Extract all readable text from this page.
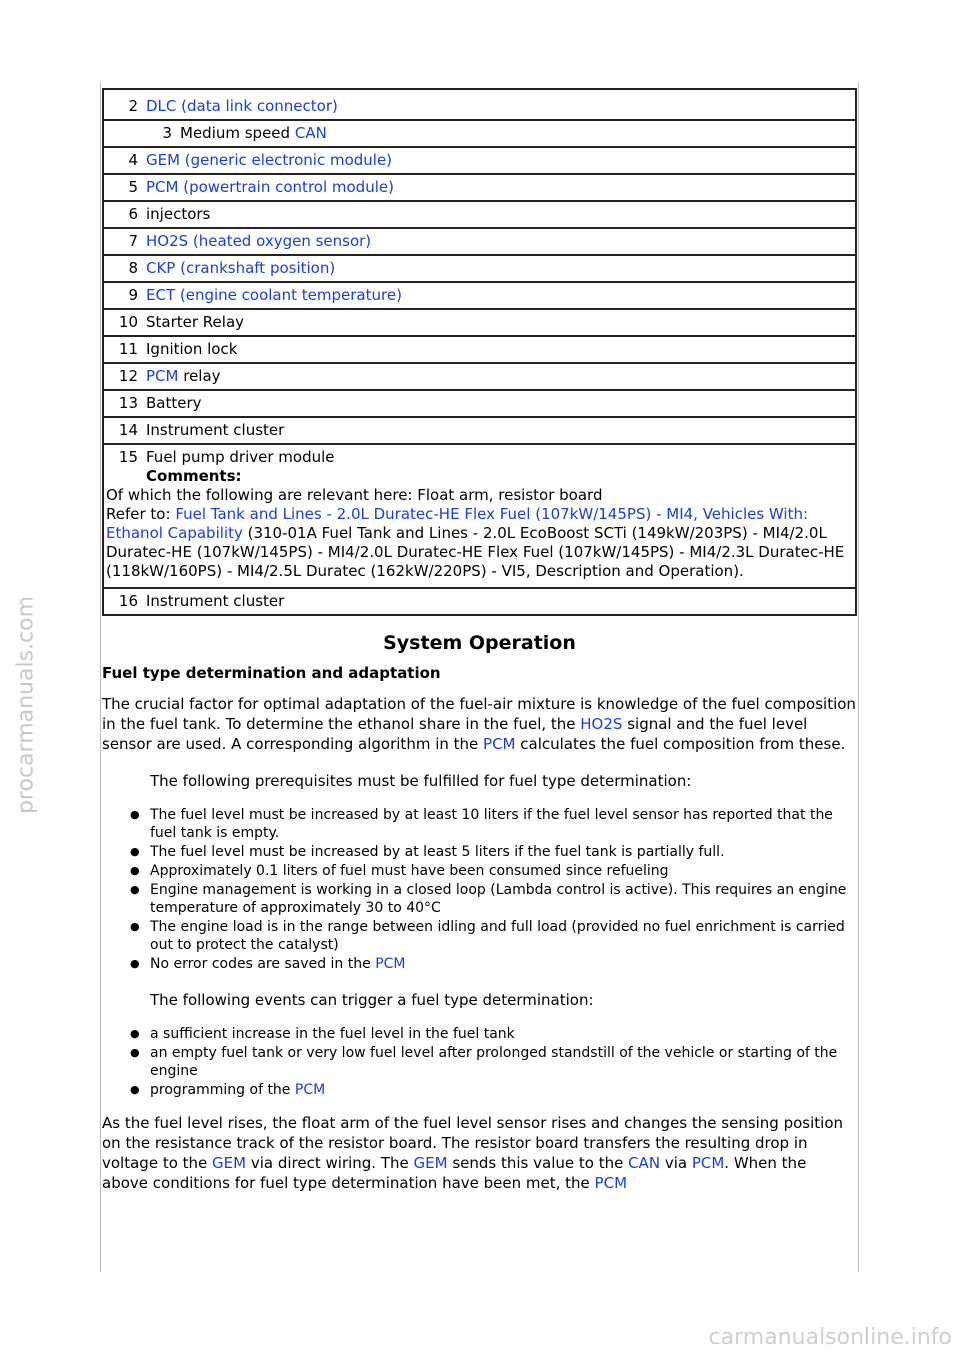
procarmanuals.com
2 DLC (data link connector)
3 Medium speed CAN
4 GEM (generic electronic module)
5 PCM (powertrain control module)
6 injectors
7 HO2S (heated oxygen sensor)
8 CKP (crankshaft position)
9 ECT (engine coolant temperature)
10 Starter Relay
11 Ignition lock
12 PCM relay
13 Battery
14 Instrument cluster

15 Fuel pump driver module
Comments:
Of which the following are relevant here: Float arm, resistor board
Refer to: Fuel Tank and Lines - 2.0L Duratec-HE Flex Fuel (107kW/145PS) - MI4, Vehicles With: Ethanol Capability (310-01A Fuel Tank and Lines - 2.0L EcoBoost SCTi (149kW/203PS) - MI4/2.0L Duratec-HE (107kW/145PS) - MI4/2.0L Duratec-HE Flex Fuel (107kW/145PS) - MI4/2.3L Duratec-HE (118kW/160PS) - MI4/2.5L Duratec (162kW/220PS) - VI5, Description and Operation).

16 Instrument cluster
System Operation
Fuel type determination and adaptation

The crucial factor for optimal adaptation of the fuel-air mixture is knowledge of the fuel composition in the fuel tank. To determine the ethanol share in the fuel, the HO2S signal and the fuel level sensor are used. A corresponding algorithm in the PCM calculates the fuel composition from these.

The following prerequisites must be fulfilled for fuel type determination:
● The fuel level must be increased by at least 10 liters if the fuel level sensor has reported that the fuel tank is empty.
● The fuel level must be increased by at least 5 liters if the fuel tank is partially full.
● Approximately 0.1 liters of fuel must have been consumed since refueling
● Engine management is working in a closed loop (Lambda control is active). This requires an engine temperature of approximately 30 to 40°C
● The engine load is in the range between idling and full load (provided no fuel enrichment is carried out to protect the catalyst)
● No error codes are saved in the PCM
The following events can trigger a fuel type determination:
● a sufficient increase in the fuel level in the fuel tank
● an empty fuel tank or very low fuel level after prolonged standstill of the vehicle or starting of the engine
● programming of the PCM

As the fuel level rises, the float arm of the fuel level sensor rises and changes the sensing position on the resistance track of the resistor board. The resistor board transfers the resulting drop in voltage to the GEM via direct wiring. The GEM sends this value to the CAN via PCM. When the above conditions for fuel type determination have been met, the PCM

carmanualsonline.info
